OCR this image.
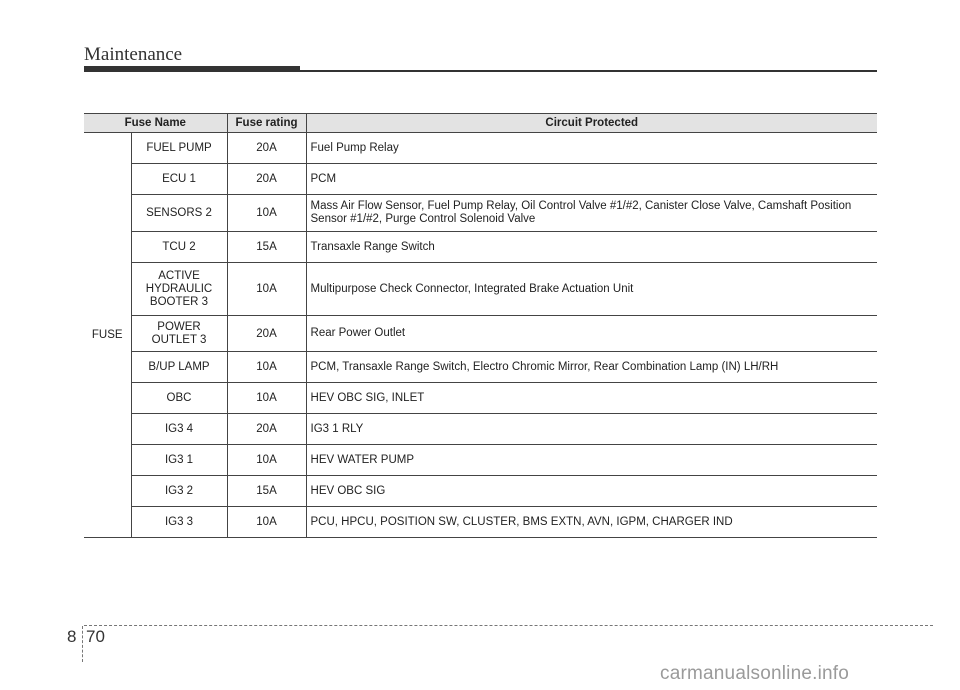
Maintenance
Fuse Name		Fuse rating	Circuit Protected
FUSE	FUEL PUMP	20A	Fuel Pump Relay
	ECU 1	20A	PCM
	SENSORS 2	10A	Mass Air Flow Sensor, Fuel Pump Relay, Oil Control Valve #1/#2, Canister Close Valve, Camshaft Position Sensor #1/#2, Purge Control Solenoid Valve
	TCU 2	15A	Transaxle Range Switch
	ACTIVE
HYDRAULIC
BOOTER 3	10A	Multipurpose Check Connector, Integrated Brake Actuation Unit
	POWER
OUTLET 3	20A	Rear Power Outlet
	B/UP LAMP	10A	PCM, Transaxle Range Switch, Electro Chromic Mirror, Rear Combination Lamp (IN) LH/RH
	OBC	10A	HEV OBC SIG, INLET
	IG3 4	20A	IG3 1 RLY
	IG3 1	10A	HEV WATER PUMP
	IG3 2	15A	HEV OBC SIG
	IG3 3	10A	PCU, HPCU, POSITION SW, CLUSTER, BMS EXTN, AVN, IGPM, CHARGER IND
8 70
carmanualsonline.info
